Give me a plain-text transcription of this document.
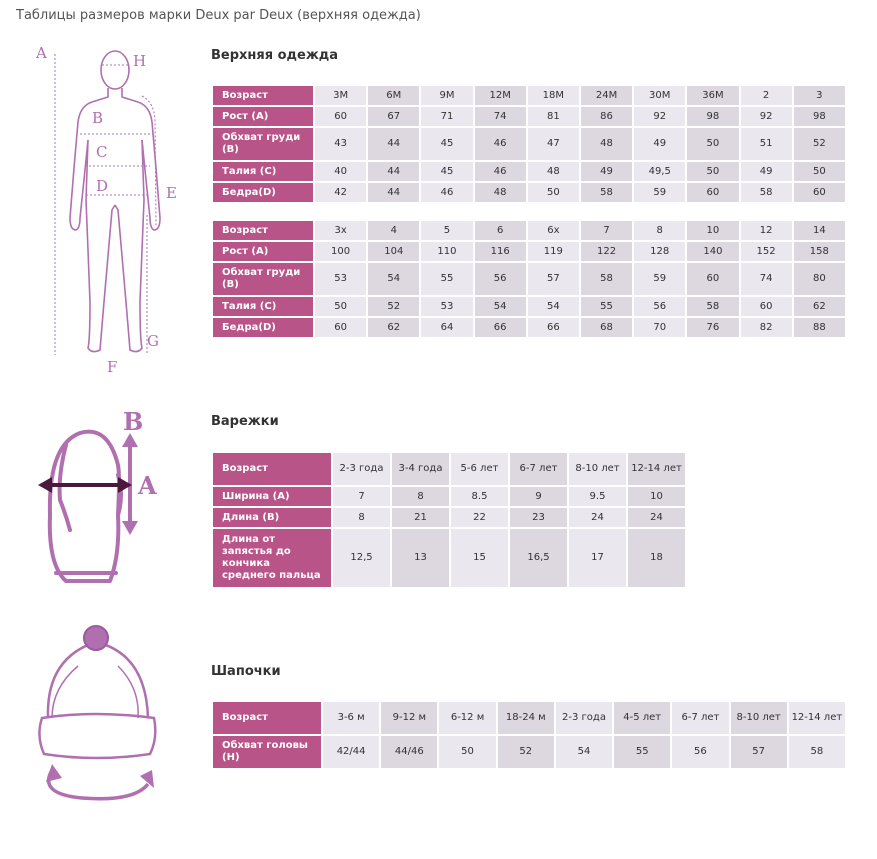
Таблицы размеров марки Deux par Deux (верхняя одежда)
Верхняя одежда
A	H
B
C
D	E
G
F
Возраст	3M	6M	9M	12M	18M	24M	30M	36M	2	3
Рост (A)	60	67	71	74	81	86	92	98	92	98
Обхват груди (B)	43	44	45	46	47	48	49	50	51	52
Талия (C)	40	44	45	46	48	49	49,5	50	49	50
Бедра(D)	42	44	46	48	50	58	59	60	58	60
Возраст	3x	4	5	6	6x	7	8	10	12	14
Рост (A)	100	104	110	116	119	122	128	140	152	158
Обхват груди (B)	53	54	55	56	57	58	59	60	74	80
Талия (C)	50	52	53	54	54	55	56	58	60	62
Бедра(D)	60	62	64	66	66	68	70	76	82	88
Варежки
B
A
Возраст	2-3 года	3-4 года	5-6 лет	6-7 лет	8-10 лет	12-14 лет
Ширина (A)	7	8	8.5	9	9.5	10
Длина (B)	8	21	22	23	24	24
Длина от запястья до кончика среднего пальца	12,5	13	15	16,5	17	18
Шапочки
Возраст	3-6 м	9-12 м	6-12 м	18-24 м	2-3 года	4-5 лет	6-7 лет	8-10 лет	12-14 лет
Обхват головы (H)	42/44	44/46	50	52	54	55	56	57	58
